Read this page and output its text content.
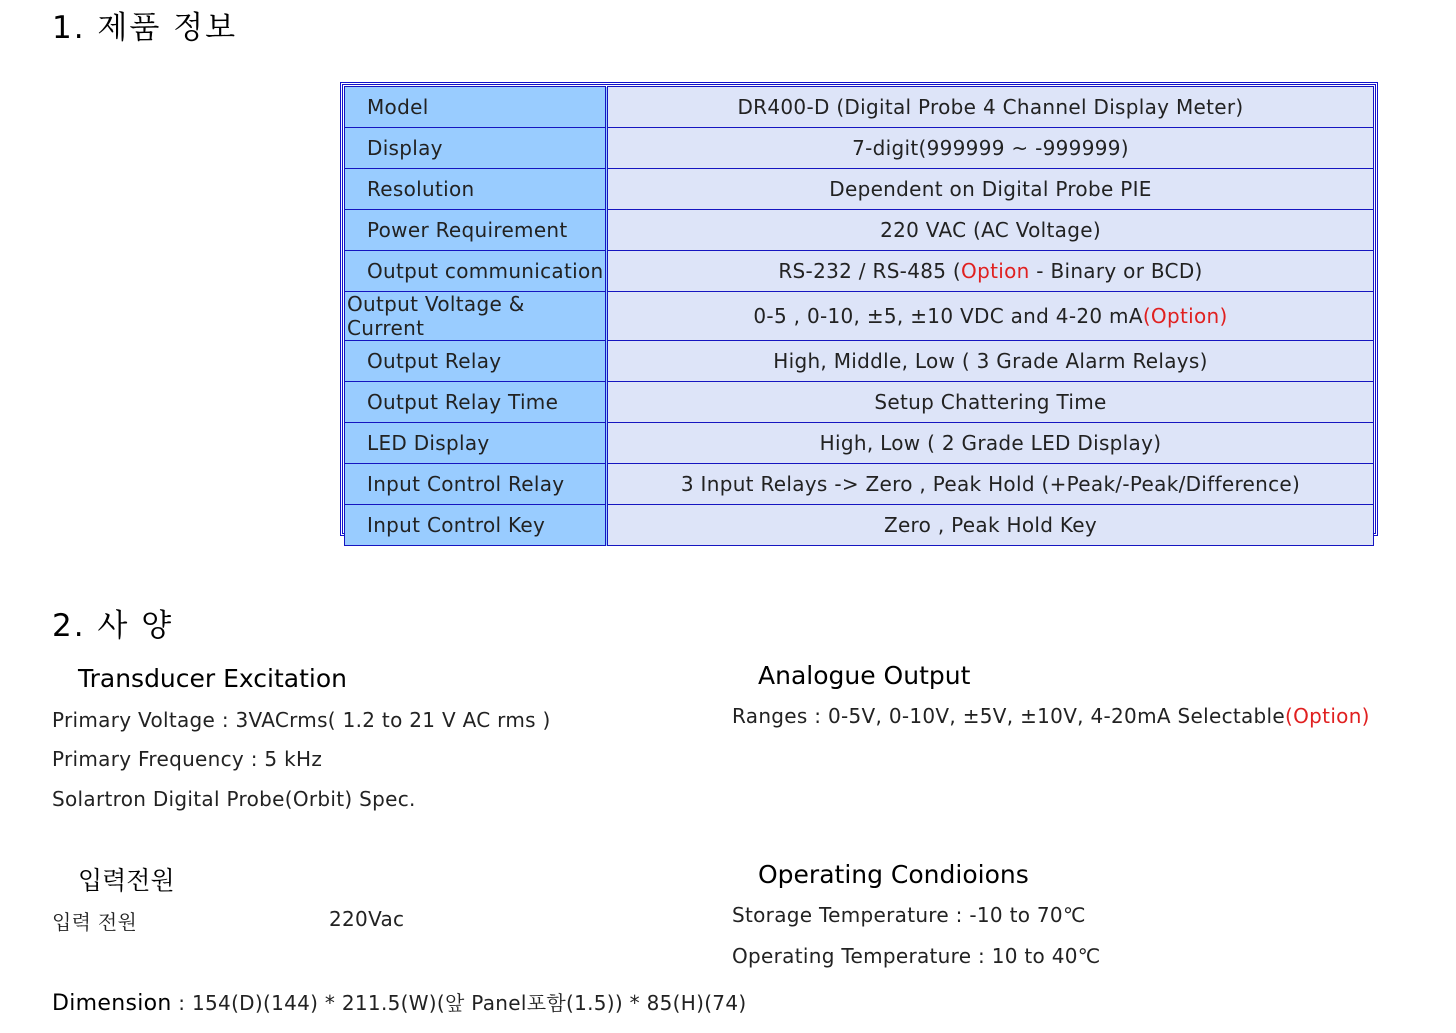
1. 제품 정보
Model	DR400-D (Digital Probe 4 Channel Display Meter)
Display	7-digit(999999 ~ -999999)
Resolution	Dependent on Digital Probe PIE
Power Requirement	220 VAC (AC Voltage)
Output communication	RS-232 / RS-485 (Option - Binary or BCD)
Output Voltage & Current	0-5 , 0-10, ±5, ±10 VDC and 4-20 mA(Option)
Output Relay	High, Middle, Low ( 3 Grade Alarm Relays)
Output Relay Time	Setup Chattering Time
LED Display	High, Low ( 2 Grade LED Display)
Input Control Relay	3 Input Relays -> Zero , Peak Hold (+Peak/-Peak/Difference)
Input Control Key	Zero , Peak Hold Key
2. 사 양
Transducer Excitation
Primary Voltage : 3VACrms( 1.2 to 21 V AC rms )
Primary Frequency : 5 kHz
Solartron Digital Probe(Orbit) Spec.
Analogue Output
Ranges : 0-5V, 0-10V, ±5V, ±10V, 4-20mA Selectable(Option)
입력전원
입력 전원	220Vac
Operating Condioions
Storage Temperature : -10 to 70℃
Operating Temperature : 10 to 40℃
Dimension : 154(D)(144) * 211.5(W)(앞 Panel포함(1.5)) * 85(H)(74)
